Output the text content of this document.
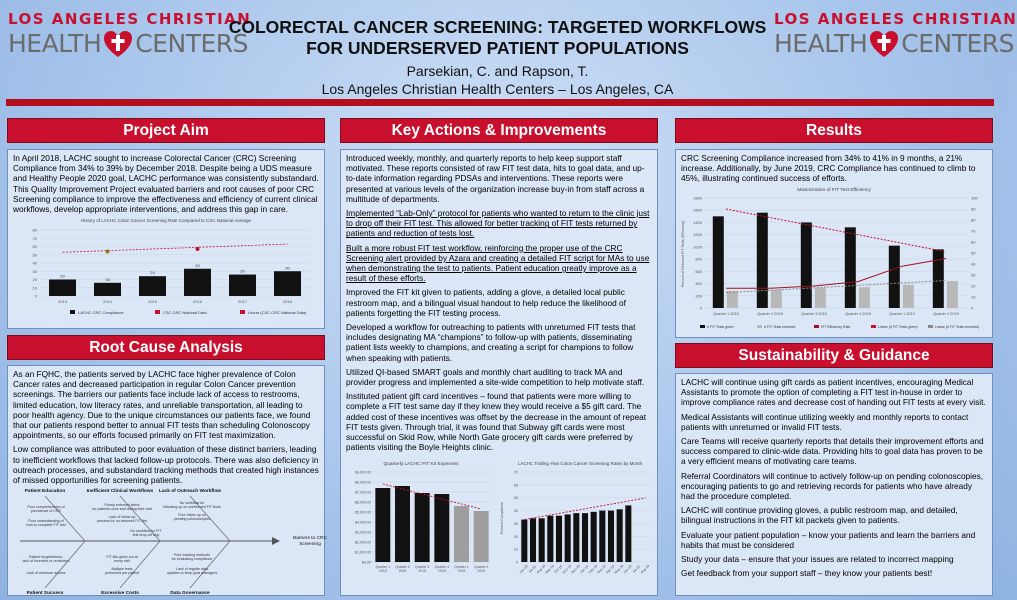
LOS ANGELES CHRISTIAN
HEALTH CENTERS
LOS ANGELES CHRISTIAN
HEALTH CENTERS
COLORECTAL CANCER SCREENING: TARGETED WORKFLOWS FOR UNDERSERVED PATIENT POPULATIONS
Parsekian, C. and Rapson, T.
Los Angeles Christian Health Centers – Los Angeles, CA
Project Aim

In April 2018, LACHC sought to increase Colorectal Cancer (CRC) Screening Compliance from 34% to 39% by December 2018. Despite being a UDS measure and Healthy People 2020 goal, LACHC performance was consistently substandard. This Quality Improvement Project evaluated barriers and root causes of poor CRC Screening compliance to improve the effectiveness and efficiency of current clinical workflows, develop appropriate interventions, and address this gap in care.

History of LACHC Colon Cancer Screening Rate Compared to CSC National Average
0
10
20
30
40
50
60
70
80
20
2013
16
2014
24
2015
33
2016
26
2017
30
2018
LACHC CRC Compliance	CSC CRC National Data	Linear (CSC CRC National Data)
Root Cause Analysis

As an FQHC, the patients served by LACHC face higher prevalence of Colon Cancer rates and decreased participation in regular Colon Cancer prevention screenings. The barriers our patients face include lack of access to restrooms, limited education, low literacy rates, and unreliable transportation, all leading to poor health agency. Due to the unique circumstances our patients face, we found that our patients respond better to annual FIT tests than scheduling Colonoscopy appointments, so our efforts focused primarily on FIT test maximization.

Low compliance was attributed to poor evaluation of these distinct barriers, leading to inefficient workflows that lacked follow-up protocols. There was also deficiency in outreach processes, and substandard tracking methods that created high instances of missed opportunities for screening patients.

Barriers to CRC
Screening
Patient Education	Inefficient Clinical Workflows Lack of Outreach Workflow
Patient Success	Excessive Costs	Data Governance
Poor comprehension of prevalence of CRC
Poor understanding of how to complete FIT test
Poorly enforced alerts for patients once and during their visit
Lack of follow up process for un-returned FIT kits
No workflow for following up on unreturned FIT tests
Poor follow up on pending colonoscopies
No workflow for FIT test drop-off only
Patient forgetfulness, lack of incentive or reminders
Lack of restroom access
FIT kits given out at every visit
Multiple tests performed per patient
Poor tracking methods for evaluating compliance
Lack of regular data updates to keep goal managers
Key Actions & Improvements

Introduced weekly, monthly, and quarterly reports to help keep support staff motivated. These reports consisted of raw FIT test data, hits to goal data, and up-to-date information regarding PDSAs and interventions. These reports were presented at various levels of the organization increase buy-in from staff across a multitude of departments.

Implemented “Lab-Only” protocol for patients who wanted to return to the clinic just to drop off their FIT test. This allowed for better tracking of FIT tests returned by patients and reduction of tests lost.

Built a more robust FIT test workflow, reinforcing the proper use of the CRC Screening alert provided by Azara and creating a detailed FIT script for MAs to use when demonstrating the test to patients. Patient education greatly improve as a result of these efforts.

Improved the FIT kit given to patients, adding a glove, a detailed local public restroom map, and a bilingual visual handout to help reduce the likelihood of patients forgetting the FIT testing process.

Developed a workflow for outreaching to patients with unreturned FIT tests that includes designating MA “champions” to follow-up with patients, disseminating patient lists weekly to champions, and creating a script for champions to follow when speaking with patients.

Utilized QI-based SMART goals and monthly chart auditing to track MA and provider progress and implemented a site-wide competition to help motivate staff.

Instituted patient gift card incentives – found that patients were more willing to complete a FIT test same day if they knew they would receive a $5 gift card. The added cost of these incentives was offset by the decrease in the amount of repeat FIT tests given. Through trial, it was found that Subway gift cards were most successful on Skid Row, while North Gate grocery gift cards were preferred by patients visiting the Boyle Heights clinic.

Quarterly LACHC FIT Kit Expenses
$0.00
$1,000.00
$2,000.00
$3,000.00
$4,000.00
$5,000.00
$6,000.00
$7,000.00
$8,000.00
$9,000.00
Quarter 1 2018
Quarter 2 2018
Quarter 3 2018
Quarter 4 2018
Quarter 1 2019
Quarter 2 2019
LACHC Trailing Year Colon Cancer Screening Rates by Month
Percent Compliance
0
10
20
30
40
50
60
70
Jun-18
Jul-18
Aug-18
Sep-18
Oct-18
Nov-18
Dec-18
Jan-19
Feb-19
Mar-19
Apr-19
May-19
Jun-19
Jul-19
Aug-19
Results

CRC Screening Compliance increased from 34% to 41% in 9 months, a 21% increase. Additionally, by June 2019, CRC Compliance has continued to climb to 45%, illustrating continued success of efforts.

Maximization of FIT Test Efficiency
Percent of Returned FIT Tests (Efficiency)
0
200
400
600
800
1000
1200
1400
1600
1800
0
10
20
30
40
50
60
70
80
90
100
Quarter 1 2018	Quarter 2 2018	Quarter 3 2018	Quarter 4 2018	Quarter 1 2019	Quarter 2 2019
# FIT Tests given	# FIT Tests received	FIT Efficiency Rate	Linear (# FIT Tests given)	Linear (# FIT Tests received)
Sustainability & Guidance

LACHC will continue using gift cards as patient incentives, encouraging Medical Assistants to promote the option of completing a FIT test in-house in order to improve compliance rates and decrease cost of handing out FIT tests at every visit.

Medical Assistants will continue utilizing weekly and monthly reports to contact patients with unreturned or invalid FIT tests.

Care Teams will receive quarterly reports that details their improvement efforts and success compared to clinic-wide data. Providing hits to goal data has proven to be a very efficient means of motivating care teams.

Referral Coordinators will continue to actively follow-up on pending colonoscopies, encouraging patients to go and retrieving records for patients who have already had the procedure completed.

LACHC will continue providing gloves, a public restroom map, and detailed, bilingual instructions in the FIT kit packets given to patients.

Evaluate your patient population – know your patients and learn the barriers and habits that must be considered

Study your data – ensure that your issues are related to incorrect mapping

Get feedback from your support staff – they know your patients best!
